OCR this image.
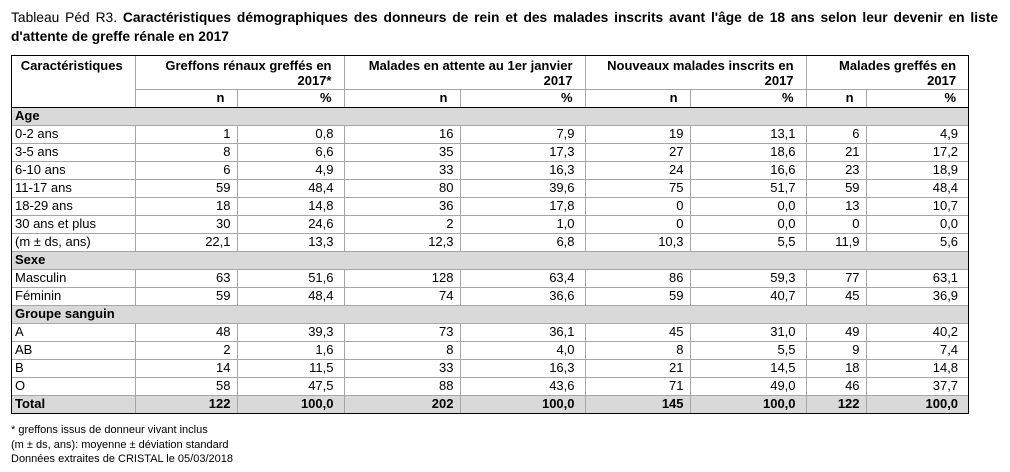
Tableau Péd R3. Caractéristiques démographiques des donneurs de rein et des malades inscrits avant l'âge de 18 ans selon leur devenir en liste d'attente de greffe rénale en 2017
Caractéristiques	Greffons rénaux greffés en 2017*		Malades en attente au 1er janvier 2017		Nouveaux malades inscrits en 2017		Malades greffés en 2017	
	n	%	n	%	n	%	n	%
Age								
0-2 ans	1	0,8	16	7,9	19	13,1	6	4,9
3-5 ans	8	6,6	35	17,3	27	18,6	21	17,2
6-10 ans	6	4,9	33	16,3	24	16,6	23	18,9
11-17 ans	59	48,4	80	39,6	75	51,7	59	48,4
18-29 ans	18	14,8	36	17,8	0	0,0	13	10,7
30 ans et plus	30	24,6	2	1,0	0	0,0	0	0,0
(m ± ds, ans)	22,1	13,3	12,3	6,8	10,3	5,5	11,9	5,6
Sexe								
Masculin	63	51,6	128	63,4	86	59,3	77	63,1
Féminin	59	48,4	74	36,6	59	40,7	45	36,9
Groupe sanguin								
A	48	39,3	73	36,1	45	31,0	49	40,2
AB	2	1,6	8	4,0	8	5,5	9	7,4
B	14	11,5	33	16,3	21	14,5	18	14,8
O	58	47,5	88	43,6	71	49,0	46	37,7
Total	122	100,0	202	100,0	145	100,0	122	100,0
* greffons issus de donneur vivant inclus
(m ± ds, ans): moyenne ± déviation standard
Données extraites de CRISTAL le 05/03/2018
